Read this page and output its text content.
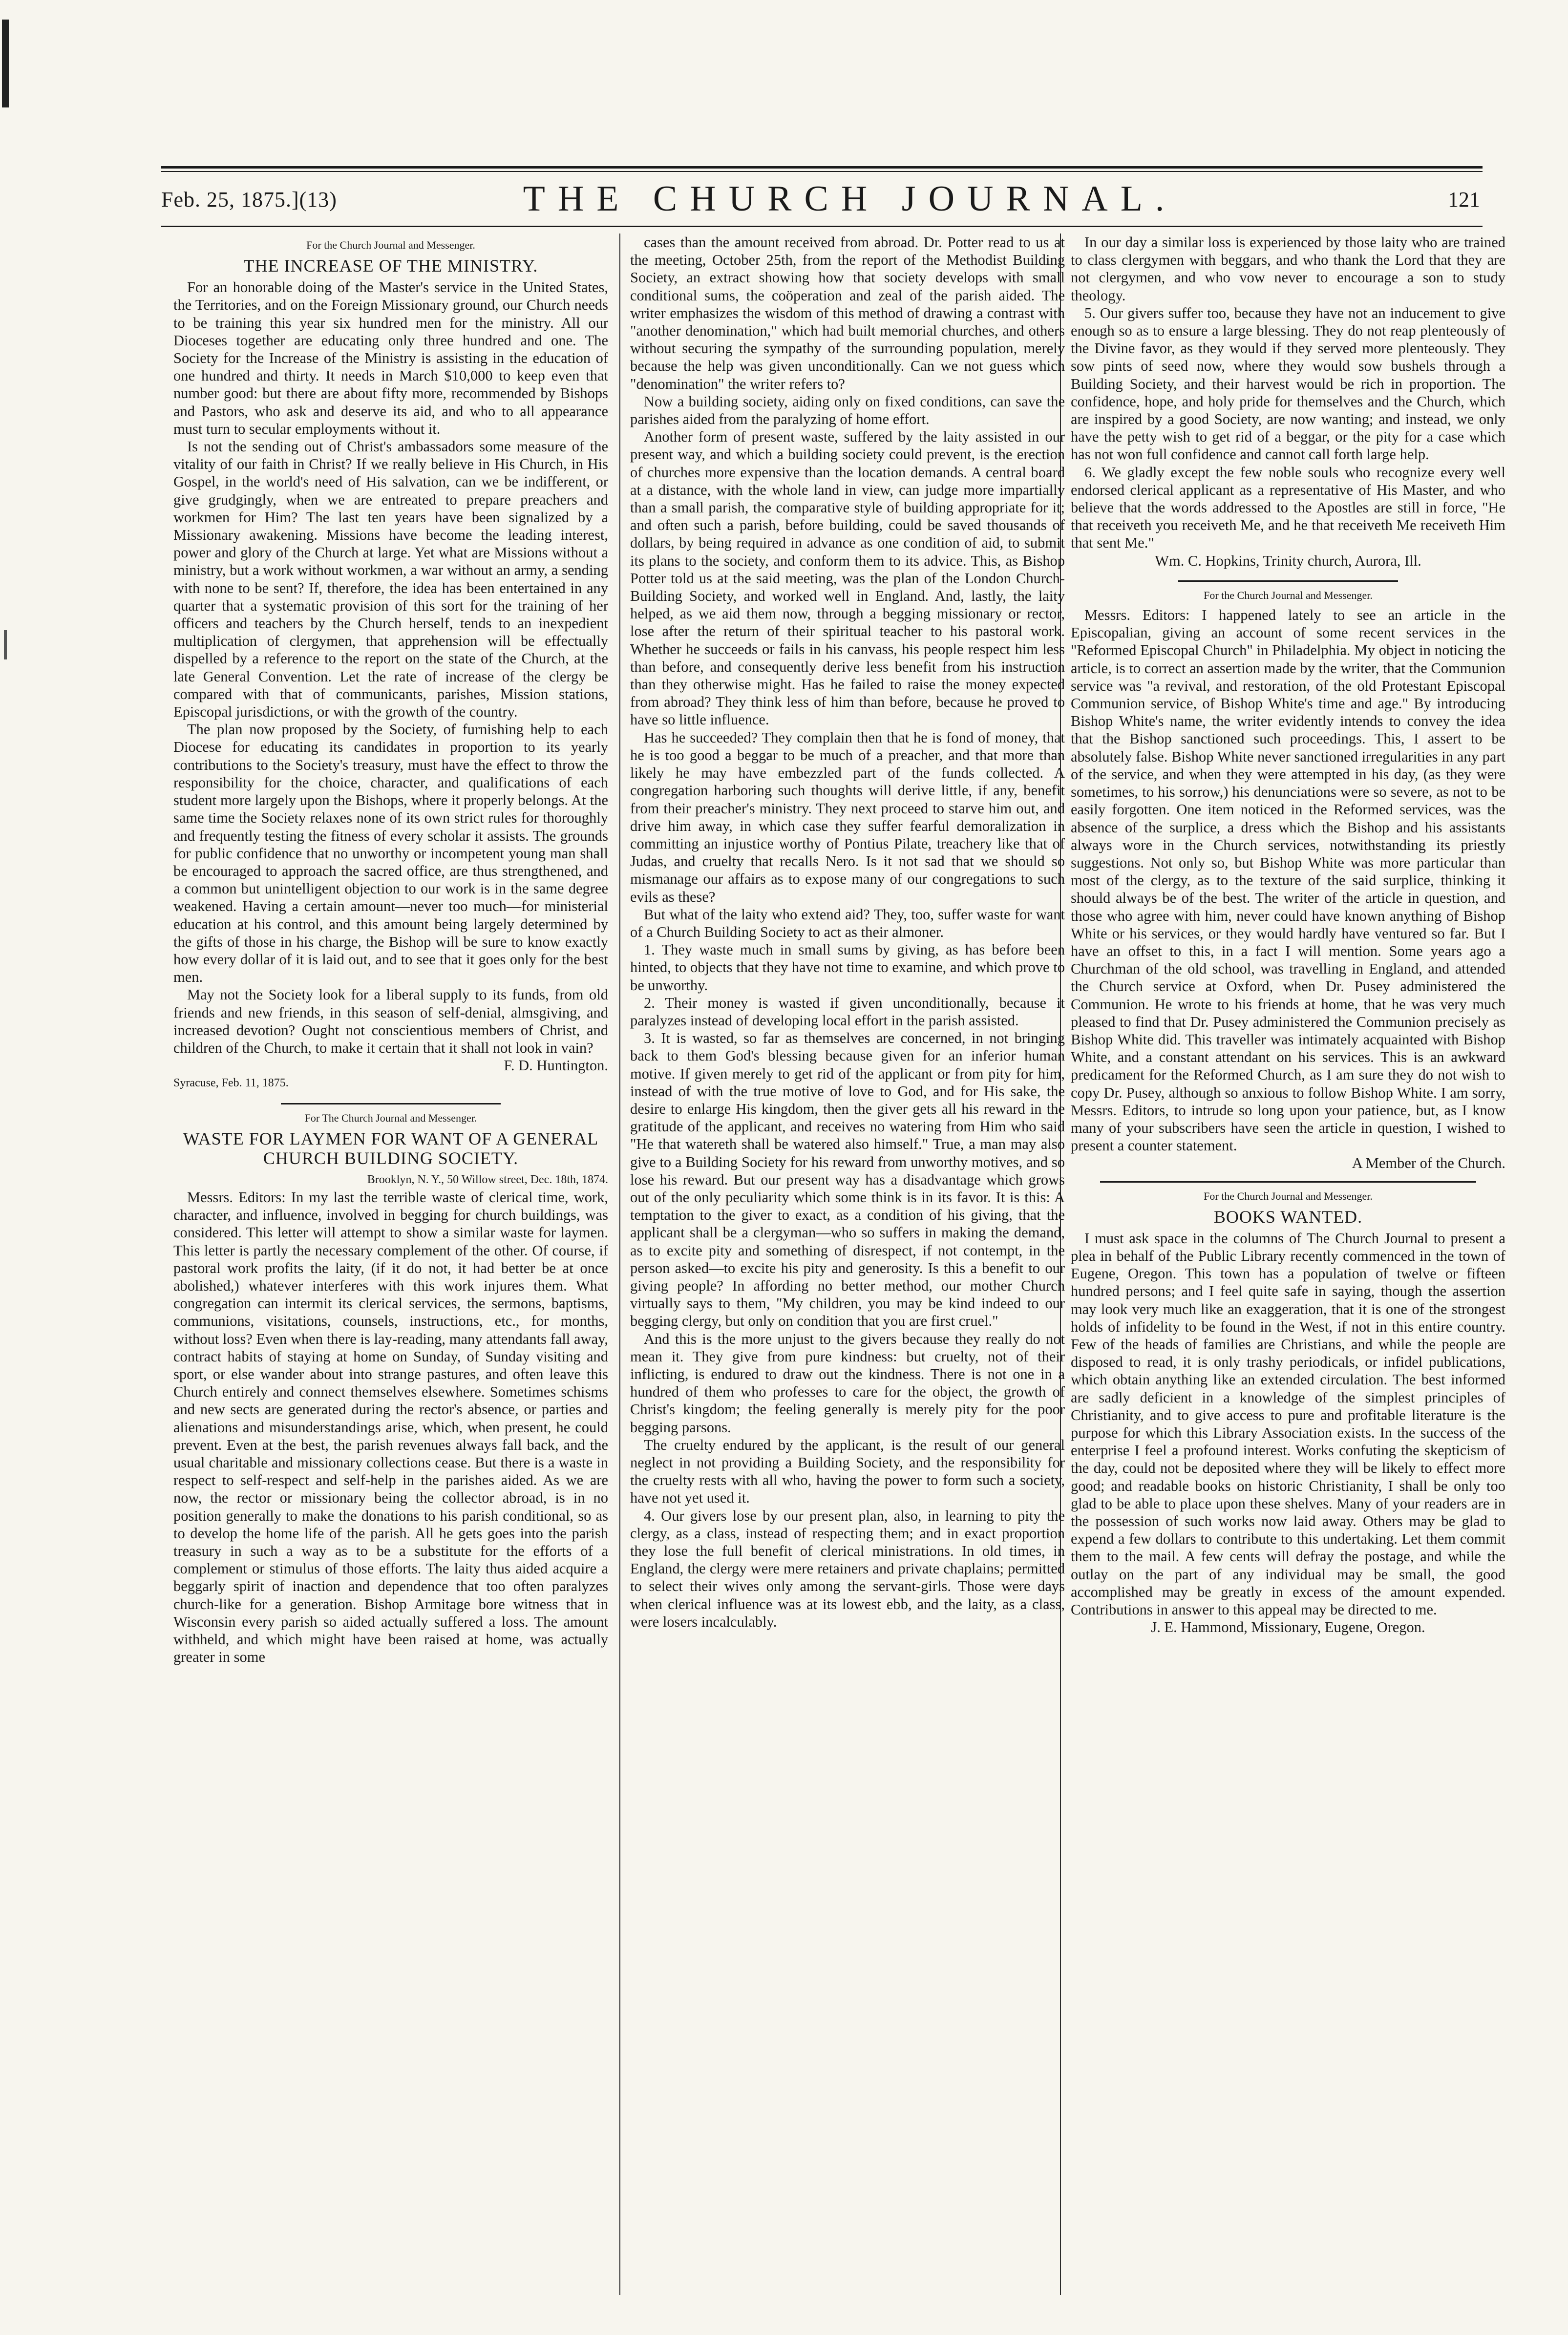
Feb. 25, 1875.](13)	THE CHURCH JOURNAL.	121

For the Church Journal and Messenger.

THE INCREASE OF THE MINISTRY.

For an honorable doing of the Master's service in the United States, the Territories, and on the Foreign Missionary ground, our Church needs to be training this year six hundred men for the ministry. All our Dioceses together are educating only three hundred and one. The Society for the Increase of the Ministry is assisting in the education of one hundred and thirty. It needs in March $10,000 to keep even that number good: but there are about fifty more, recommended by Bishops and Pastors, who ask and deserve its aid, and who to all appearance must turn to secular employments without it.

Is not the sending out of Christ's ambassadors some measure of the vitality of our faith in Christ? If we really believe in His Church, in His Gospel, in the world's need of His salvation, can we be indifferent, or give grudgingly, when we are entreated to prepare preachers and workmen for Him? The last ten years have been signalized by a Missionary awakening. Missions have become the leading interest, power and glory of the Church at large. Yet what are Missions without a ministry, but a work without workmen, a war without an army, a sending with none to be sent? If, therefore, the idea has been entertained in any quarter that a systematic provision of this sort for the training of her officers and teachers by the Church herself, tends to an inexpedient multiplication of clergymen, that apprehension will be effectually dispelled by a reference to the report on the state of the Church, at the late General Convention. Let the rate of increase of the clergy be compared with that of communicants, parishes, Mission stations, Episcopal jurisdictions, or with the growth of the country.

The plan now proposed by the Society, of furnishing help to each Diocese for educating its candidates in proportion to its yearly contributions to the Society's treasury, must have the effect to throw the responsibility for the choice, character, and qualifications of each student more largely upon the Bishops, where it properly belongs. At the same time the Society relaxes none of its own strict rules for thoroughly and frequently testing the fitness of every scholar it assists. The grounds for public confidence that no unworthy or incompetent young man shall be encouraged to approach the sacred office, are thus strengthened, and a common but unintelligent objection to our work is in the same degree weakened. Having a certain amount—never too much—for ministerial education at his control, and this amount being largely determined by the gifts of those in his charge, the Bishop will be sure to know exactly how every dollar of it is laid out, and to see that it goes only for the best men.

May not the Society look for a liberal supply to its funds, from old friends and new friends, in this season of self-denial, almsgiving, and increased devotion? Ought not conscientious members of Christ, and children of the Church, to make it certain that it shall not look in vain?

F. D. Huntington.

Syracuse, Feb. 11, 1875.

For The Church Journal and Messenger.

WASTE FOR LAYMEN FOR WANT OF A GENERAL CHURCH BUILDING SOCIETY.

Brooklyn, N. Y., 50 Willow street, Dec. 18th, 1874.

Messrs. Editors: In my last the terrible waste of clerical time, work, character, and influence, involved in begging for church buildings, was considered. This letter will attempt to show a similar waste for laymen. This letter is partly the necessary complement of the other. Of course, if pastoral work profits the laity, (if it do not, it had better be at once abolished,) whatever interferes with this work injures them. What congregation can intermit its clerical services, the sermons, baptisms, communions, visitations, counsels, instructions, etc., for months, without loss? Even when there is lay-reading, many attendants fall away, contract habits of staying at home on Sunday, of Sunday visiting and sport, or else wander about into strange pastures, and often leave this Church entirely and connect themselves elsewhere. Sometimes schisms and new sects are generated during the rector's absence, or parties and alienations and misunderstandings arise, which, when present, he could prevent. Even at the best, the parish revenues always fall back, and the usual charitable and missionary collections cease. But there is a waste in respect to self-respect and self-help in the parishes aided. As we are now, the rector or missionary being the collector abroad, is in no position generally to make the donations to his parish conditional, so as to develop the home life of the parish. All he gets goes into the parish treasury in such a way as to be a substitute for the efforts of a complement or stimulus of those efforts. The laity thus aided acquire a beggarly spirit of inaction and dependence that too often paralyzes church-like for a generation. Bishop Armitage bore witness that in Wisconsin every parish so aided actually suffered a loss. The amount withheld, and which might have been raised at home, was actually greater in some

cases than the amount received from abroad. Dr. Potter read to us at the meeting, October 25th, from the report of the Methodist Building Society, an extract showing how that society develops with small conditional sums, the coöperation and zeal of the parish aided. The writer emphasizes the wisdom of this method of drawing a contrast with "another denomination," which had built memorial churches, and others without securing the sympathy of the surrounding population, merely because the help was given unconditionally. Can we not guess which "denomination" the writer refers to?

Now a building society, aiding only on fixed conditions, can save the parishes aided from the paralyzing of home effort.

Another form of present waste, suffered by the laity assisted in our present way, and which a building society could prevent, is the erection of churches more expensive than the location demands. A central board at a distance, with the whole land in view, can judge more impartially than a small parish, the comparative style of building appropriate for it; and often such a parish, before building, could be saved thousands of dollars, by being required in advance as one condition of aid, to submit its plans to the society, and conform them to its advice. This, as Bishop Potter told us at the said meeting, was the plan of the London Church-Building Society, and worked well in England. And, lastly, the laity helped, as we aid them now, through a begging missionary or rector, lose after the return of their spiritual teacher to his pastoral work. Whether he succeeds or fails in his canvass, his people respect him less than before, and consequently derive less benefit from his instruction than they otherwise might. Has he failed to raise the money expected from abroad? They think less of him than before, because he proved to have so little influence.

Has he succeeded? They complain then that he is fond of money, that he is too good a beggar to be much of a preacher, and that more than likely he may have embezzled part of the funds collected. A congregation harboring such thoughts will derive little, if any, benefit from their preacher's ministry. They next proceed to starve him out, and drive him away, in which case they suffer fearful demoralization in committing an injustice worthy of Pontius Pilate, treachery like that of Judas, and cruelty that recalls Nero. Is it not sad that we should so mismanage our affairs as to expose many of our congregations to such evils as these?

But what of the laity who extend aid? They, too, suffer waste for want of a Church Building Society to act as their almoner.

1. They waste much in small sums by giving, as has before been hinted, to objects that they have not time to examine, and which prove to be unworthy.

2. Their money is wasted if given unconditionally, because it paralyzes instead of developing local effort in the parish assisted.

3. It is wasted, so far as themselves are concerned, in not bringing back to them God's blessing because given for an inferior human motive. If given merely to get rid of the applicant or from pity for him, instead of with the true motive of love to God, and for His sake, the desire to enlarge His kingdom, then the giver gets all his reward in the gratitude of the applicant, and receives no watering from Him who said "He that watereth shall be watered also himself." True, a man may also give to a Building Society for his reward from unworthy motives, and so lose his reward. But our present way has a disadvantage which grows out of the only peculiarity which some think is in its favor. It is this: A temptation to the giver to exact, as a condition of his giving, that the applicant shall be a clergyman—who so suffers in making the demand, as to excite pity and something of disrespect, if not contempt, in the person asked—to excite his pity and generosity. Is this a benefit to our giving people? In affording no better method, our mother Church virtually says to them, "My children, you may be kind indeed to our begging clergy, but only on condition that you are first cruel."

And this is the more unjust to the givers because they really do not mean it. They give from pure kindness: but cruelty, not of their inflicting, is endured to draw out the kindness. There is not one in a hundred of them who professes to care for the object, the growth of Christ's kingdom; the feeling generally is merely pity for the poor begging parsons.

The cruelty endured by the applicant, is the result of our general neglect in not providing a Building Society, and the responsibility for the cruelty rests with all who, having the power to form such a society, have not yet used it.

4. Our givers lose by our present plan, also, in learning to pity the clergy, as a class, instead of respecting them; and in exact proportion they lose the full benefit of clerical ministrations. In old times, in England, the clergy were mere retainers and private chaplains; permitted to select their wives only among the servant-girls. Those were days when clerical influence was at its lowest ebb, and the laity, as a class, were losers incalculably.

In our day a similar loss is experienced by those laity who are trained to class clergymen with beggars, and who thank the Lord that they are not clergymen, and who vow never to encourage a son to study theology.

5. Our givers suffer too, because they have not an inducement to give enough so as to ensure a large blessing. They do not reap plenteously of the Divine favor, as they would if they served more plenteously. They sow pints of seed now, where they would sow bushels through a Building Society, and their harvest would be rich in proportion. The confidence, hope, and holy pride for themselves and the Church, which are inspired by a good Society, are now wanting; and instead, we only have the petty wish to get rid of a beggar, or the pity for a case which has not won full confidence and cannot call forth large help.

6. We gladly except the few noble souls who recognize every well endorsed clerical applicant as a representative of His Master, and who believe that the words addressed to the Apostles are still in force, "He that receiveth you receiveth Me, and he that receiveth Me receiveth Him that sent Me."

Wm. C. Hopkins, Trinity church, Aurora, Ill.

For the Church Journal and Messenger.

Messrs. Editors: I happened lately to see an article in the Episcopalian, giving an account of some recent services in the "Reformed Episcopal Church" in Philadelphia. My object in noticing the article, is to correct an assertion made by the writer, that the Communion service was "a revival, and restoration, of the old Protestant Episcopal Communion service, of Bishop White's time and age." By introducing Bishop White's name, the writer evidently intends to convey the idea that the Bishop sanctioned such proceedings. This, I assert to be absolutely false. Bishop White never sanctioned irregularities in any part of the service, and when they were attempted in his day, (as they were sometimes, to his sorrow,) his denunciations were so severe, as not to be easily forgotten. One item noticed in the Reformed services, was the absence of the surplice, a dress which the Bishop and his assistants always wore in the Church services, notwithstanding its priestly suggestions. Not only so, but Bishop White was more particular than most of the clergy, as to the texture of the said surplice, thinking it should always be of the best. The writer of the article in question, and those who agree with him, never could have known anything of Bishop White or his services, or they would hardly have ventured so far. But I have an offset to this, in a fact I will mention. Some years ago a Churchman of the old school, was travelling in England, and attended the Church service at Oxford, when Dr. Pusey administered the Communion. He wrote to his friends at home, that he was very much pleased to find that Dr. Pusey administered the Communion precisely as Bishop White did. This traveller was intimately acquainted with Bishop White, and a constant attendant on his services. This is an awkward predicament for the Reformed Church, as I am sure they do not wish to copy Dr. Pusey, although so anxious to follow Bishop White. I am sorry, Messrs. Editors, to intrude so long upon your patience, but, as I know many of your subscribers have seen the article in question, I wished to present a counter statement.

A Member of the Church.

For the Church Journal and Messenger.

BOOKS WANTED.

I must ask space in the columns of The Church Journal to present a plea in behalf of the Public Library recently commenced in the town of Eugene, Oregon. This town has a population of twelve or fifteen hundred persons; and I feel quite safe in saying, though the assertion may look very much like an exaggeration, that it is one of the strongest holds of infidelity to be found in the West, if not in this entire country. Few of the heads of families are Christians, and while the people are disposed to read, it is only trashy periodicals, or infidel publications, which obtain anything like an extended circulation. The best informed are sadly deficient in a knowledge of the simplest principles of Christianity, and to give access to pure and profitable literature is the purpose for which this Library Association exists. In the success of the enterprise I feel a profound interest. Works confuting the skepticism of the day, could not be deposited where they will be likely to effect more good; and readable books on historic Christianity, I shall be only too glad to be able to place upon these shelves. Many of your readers are in the possession of such works now laid away. Others may be glad to expend a few dollars to contribute to this undertaking. Let them commit them to the mail. A few cents will defray the postage, and while the outlay on the part of any individual may be small, the good accomplished may be greatly in excess of the amount expended. Contributions in answer to this appeal may be directed to me.

J. E. Hammond, Missionary, Eugene, Oregon.
